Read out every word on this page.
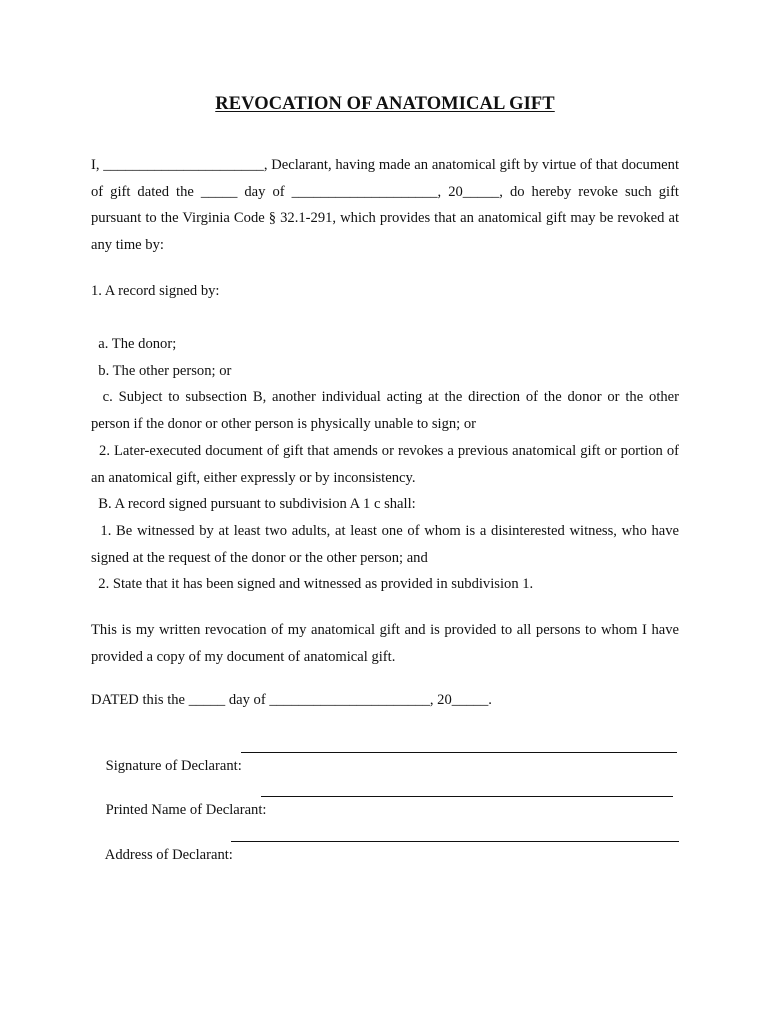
REVOCATION OF ANATOMICAL GIFT
I, ______________________, Declarant, having made an anatomical gift by virtue of that document of gift dated the _____ day of ____________________, 20_____, do hereby revoke such gift pursuant to the Virginia Code § 32.1-291, which provides that an anatomical gift may be revoked at any time by:
1. A record signed by:
a. The donor;
b. The other person; or
c. Subject to subsection B, another individual acting at the direction of the donor or the other person if the donor or other person is physically unable to sign; or
2. Later-executed document of gift that amends or revokes a previous anatomical gift or portion of an anatomical gift, either expressly or by inconsistency.
B. A record signed pursuant to subdivision A 1 c shall:
1. Be witnessed by at least two adults, at least one of whom is a disinterested witness, who have signed at the request of the donor or the other person; and
2. State that it has been signed and witnessed as provided in subdivision 1.
This is my written revocation of my anatomical gift and is provided to all persons to whom I have provided a copy of my document of anatomical gift.
DATED this the _____ day of ______________________, 20_____.

Signature of Declarant:

Printed Name of Declarant:

Address of Declarant:
